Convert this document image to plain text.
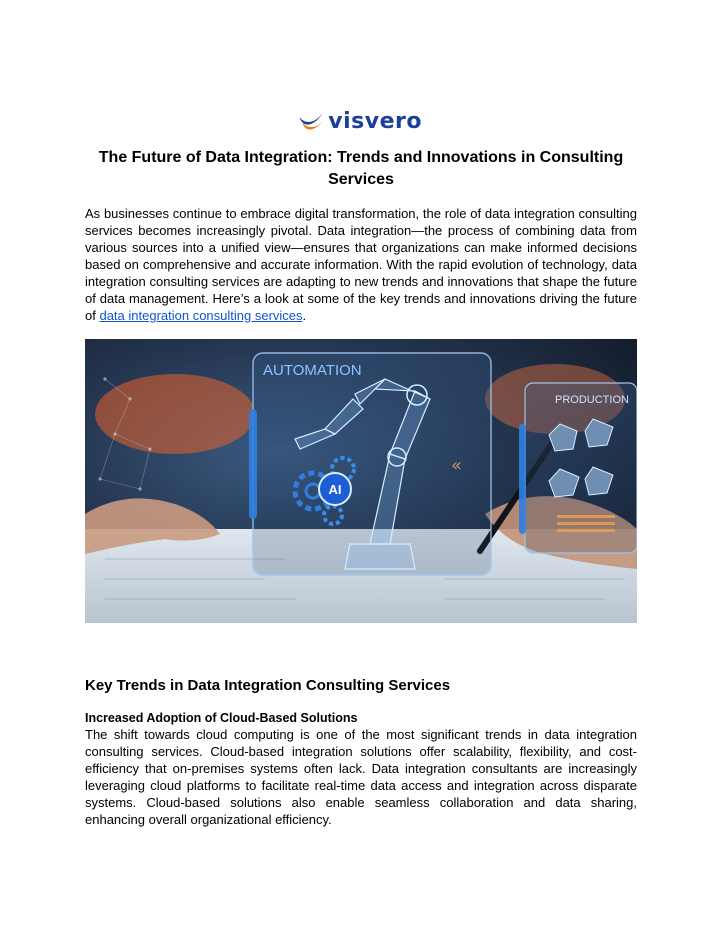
visvero
The Future of Data Integration: Trends and Innovations in Consulting Services

As businesses continue to embrace digital transformation, the role of data integration consulting services becomes increasingly pivotal. Data integration—the process of combining data from various sources into a unified view—ensures that organizations can make informed decisions based on comprehensive and accurate information. With the rapid evolution of technology, data integration consulting services are adapting to new trends and innovations that shape the future of data management. Here’s a look at some of the key trends and innovations driving the future of data integration consulting services.

AUTOMATION
AI
«
PRODUCTION
Key Trends in Data Integration Consulting Services
Increased Adoption of Cloud-Based Solutions

The shift towards cloud computing is one of the most significant trends in data integration consulting services. Cloud-based integration solutions offer scalability, flexibility, and cost-efficiency that on-premises systems often lack. Data integration consultants are increasingly leveraging cloud platforms to facilitate real-time data access and integration across disparate systems. Cloud-based solutions also enable seamless collaboration and data sharing, enhancing overall organizational efficiency.
